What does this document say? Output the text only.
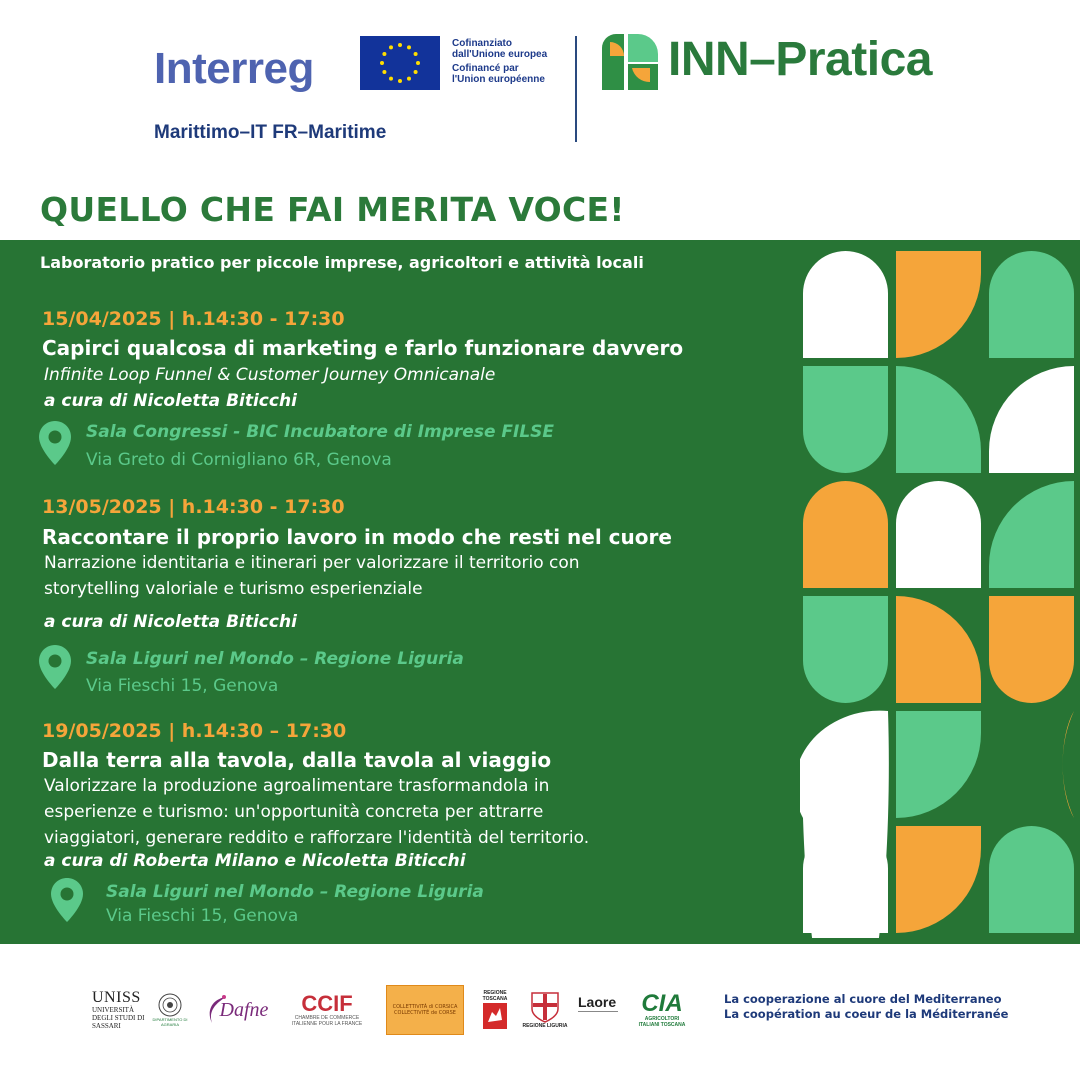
Interreg
Cofinanziato
dall'Unione europea
Cofinancé par
l'Union européenne
Marittimo–IT FR–Maritime
INN–Pratica
QUELLO CHE FAI MERITA VOCE!
Laboratorio pratico per piccole imprese, agricoltori e attività locali
15/04/2025 | h.14:30 - 17:30
Capirci qualcosa di marketing e farlo funzionare davvero
Infinite Loop Funnel & Customer Journey Omnicanale
a cura di Nicoletta Biticchi
Sala Congressi - BIC Incubatore di Imprese FILSE
Via Greto di Cornigliano 6R, Genova
13/05/2025 | h.14:30 - 17:30
Raccontare il proprio lavoro in modo che resti nel cuore
Narrazione identitaria e itinerari per valorizzare il territorio con
storytelling valoriale e turismo esperienziale
a cura di Nicoletta Biticchi
Sala Liguri nel Mondo – Regione Liguria
Via Fieschi 15, Genova
19/05/2025 | h.14:30 – 17:30
Dalla terra alla tavola, dalla tavola al viaggio
Valorizzare la produzione agroalimentare trasformandola in
esperienze e turismo: un'opportunità concreta per attrarre
viaggiatori, generare reddito e rafforzare l'identità del territorio.
a cura di Roberta Milano e Nicoletta Biticchi
Sala Liguri nel Mondo – Regione Liguria
Via Fieschi 15, Genova
UNISS
UNIVERSITÀ DEGLI STUDI DI SASSARI
DIPARTIMENTO DI AGRARIA
Dafne CCIF
CHAMBRE DE COMMERCE ITALIENNE POUR LA FRANCE
COLLETTIVITÀ di CORSICA COLLECTIVITÉ de CORSE
REGIONE TOSCANA
REGIONE LIGURIA
Laore CIA
AGRICOLTORI ITALIANI TOSCANA
La cooperazione al cuore del Mediterraneo
La coopération au coeur de la Méditerranée
